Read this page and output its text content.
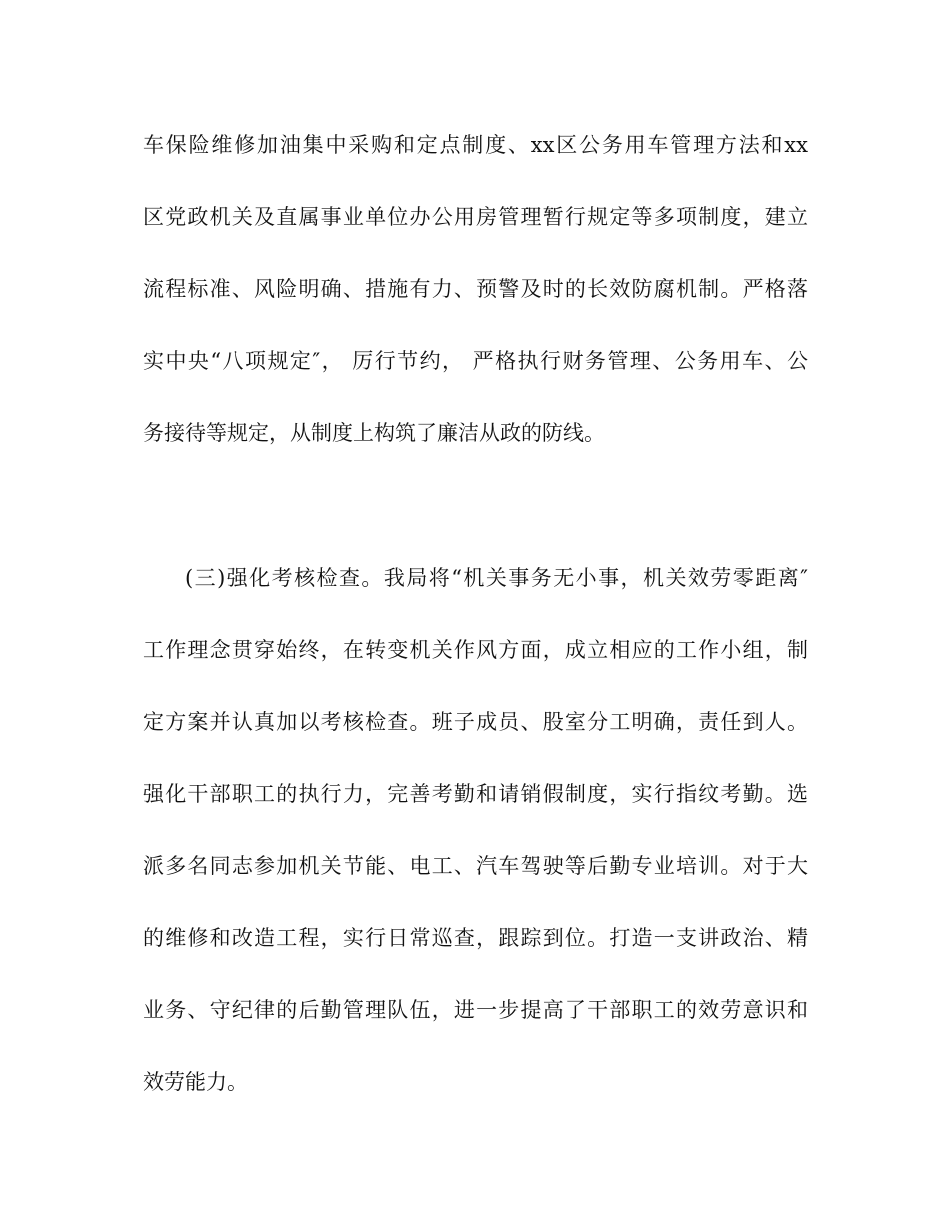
车保险维修加油集中采购和定点制度、xx区公务用车管理方法和xx
区党政机关及直属事业单位办公用房管理暂行规定等多项制度，建立
流程标准、风险明确、措施有力、预警及时的长效防腐机制。严格落
实中央“八项规定″， 厉行节约， 严格执行财务管理、公务用车、公
务接待等规定，从制度上构筑了廉洁从政的防线。
(三)强化考核检查。我局将“机关事务无小事，机关效劳零距离″
工作理念贯穿始终，在转变机关作风方面，成立相应的工作小组，制
定方案并认真加以考核检查。班子成员、股室分工明确，责任到人。
强化干部职工的执行力，完善考勤和请销假制度，实行指纹考勤。选
派多名同志参加机关节能、电工、汽车驾驶等后勤专业培训。对于大
的维修和改造工程，实行日常巡查，跟踪到位。打造一支讲政治、精
业务、守纪律的后勤管理队伍，进一步提高了干部职工的效劳意识和
效劳能力。
